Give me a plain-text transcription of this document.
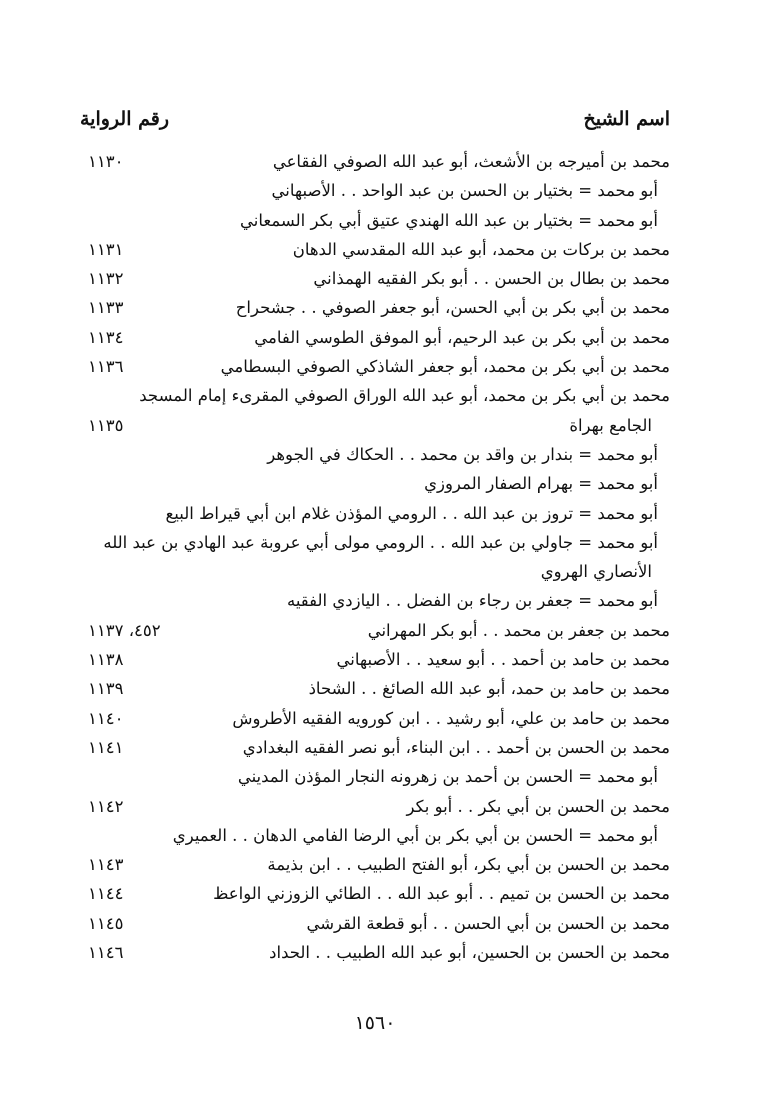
اسم الشيخ
رقم الرواية
محمد بن أميرجه بن الأشعث، أبو عبد الله الصوفي الفقاعي
١١٣٠
أبو محمد = بختيار بن الحسن بن عبد الواحد . . الأصبهاني
أبو محمد = بختيار بن عبد الله الهندي عتيق أبي بكر السمعاني
محمد بن بركات بن محمد، أبو عبد الله المقدسي الدهان
١١٣١
محمد بن بطال بن الحسن . . أبو بكر الفقيه الهمذاني
١١٣٢
محمد بن أبي بكر بن أبي الحسن، أبو جعفر الصوفي . . جشحراح
١١٣٣
محمد بن أبي بكر بن عبد الرحيم، أبو الموفق الطوسي الفامي
١١٣٤
محمد بن أبي بكر بن محمد، أبو جعفر الشاذكي الصوفي البسطامي
١١٣٦
محمد بن أبي بكر بن محمد، أبو عبد الله الوراق الصوفي المقرىء إمام المسجد
الجامع بهراة
١١٣٥
أبو محمد = بندار بن واقد بن محمد . . الحكاك في الجوهر
أبو محمد = بهرام الصفار المروزي
أبو محمد = تروز بن عبد الله . . الرومي المؤذن غلام ابن أبي قيراط البيع
أبو محمد = جاولي بن عبد الله . . الرومي مولى أبي عروبة عبد الهادي بن عبد الله
الأنصاري الهروي
أبو محمد = جعفر بن رجاء بن الفضل . . اليازدي الفقيه
محمد بن جعفر بن محمد . . أبو بكر المهراني
٤٥٢، ١١٣٧
محمد بن حامد بن أحمد . . أبو سعيد . . الأصبهاني
١١٣٨
محمد بن حامد بن حمد، أبو عبد الله الصائغ . . الشحاذ
١١٣٩
محمد بن حامد بن علي، أبو رشيد . . ابن كورويه الفقيه الأطروش
١١٤٠
محمد بن الحسن بن أحمد . . ابن البناء، أبو نصر الفقيه البغدادي
١١٤١
أبو محمد = الحسن بن أحمد بن زهرونه النجار المؤذن المديني
محمد بن الحسن بن أبي بكر . . أبو بكر
١١٤٢
أبو محمد = الحسن بن أبي بكر بن أبي الرضا الفامي الدهان . . العميري
محمد بن الحسن بن أبي بكر، أبو الفتح الطبيب . . ابن بذيمة
١١٤٣
محمد بن الحسن بن تميم . . أبو عبد الله . . الطائي الزوزني الواعظ
١١٤٤
محمد بن الحسن بن أبي الحسن . . أبو قطعة القرشي
١١٤٥
محمد بن الحسن بن الحسين، أبو عبد الله الطبيب . . الحداد
١١٤٦
١٥٦٠
